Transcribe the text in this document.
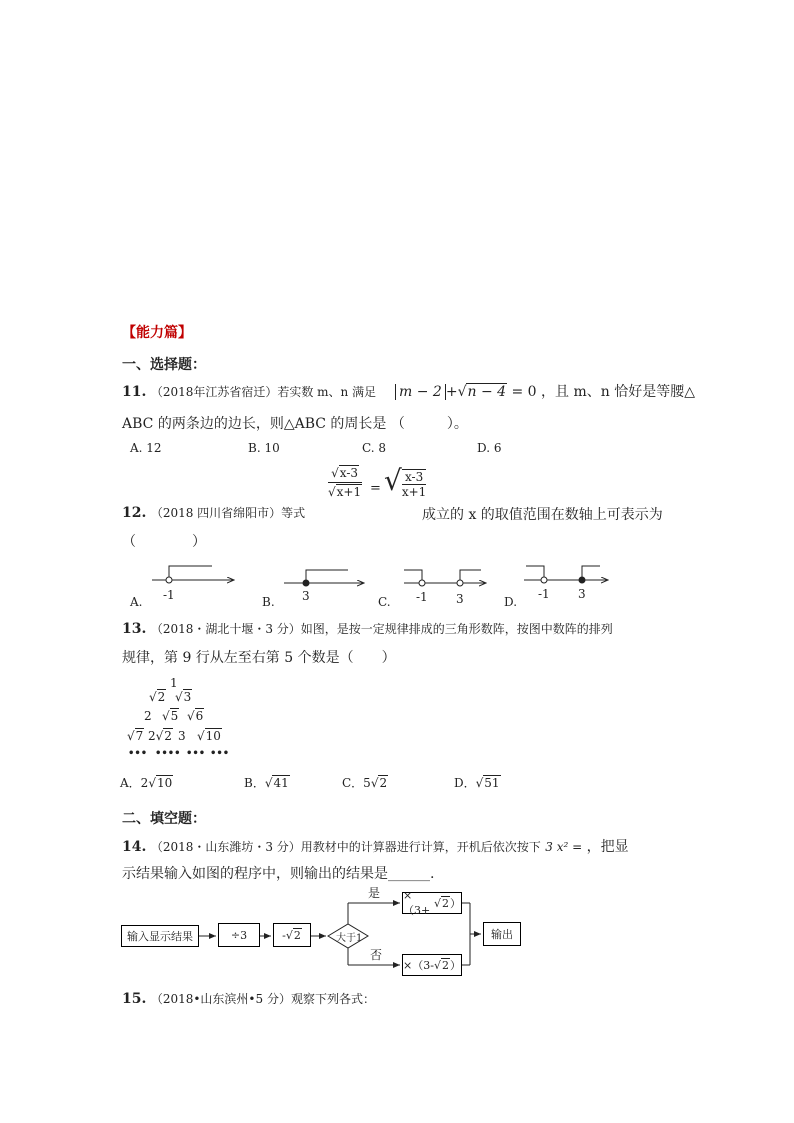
【能力篇】
一、选择题：
11. （2018年江苏省宿迁）若实数 m、n 满足 m − 2 +√n − 4 = 0 ，且 m、n 恰好是等腰△
ABC 的两条边的边长，则△ABC 的周长是 （　　　）。
A. 12	B. 10	C. 8	D. 6
12. （2018 四川省绵阳市）等式
√x-3
√x+1 = √ $\frac{x-3}{x+1}$
成立的 x 的取值范围在数轴上可表示为
（　　　　）
A. -1	B. 3	C. -1 3	D.
-1 3
13. （2018・湖北十堰・3 分）如图，是按一定规律排成的三角形数阵，按图中数阵的排列
规律，第 9 行从左至右第 5 个数是（　　）
1
√2 √3
2 √5 √6
√7 2√2 3 √10
••• •••• ••• •••
A．2√10	B．√41	C．5√2	D．√51
二、填空题：
14. （2018・山东潍坊・3 分）用教材中的计算器进行计算，开机后依次按下 3 x² = ，把显
示结果输入如图的程序中，则输出的结果是______.
输入显示结果	÷3	- √ 2	大于1
是
否
×（3+
√ 2 ）
×（3- √ 2 ）
输出
15. （2018•山东滨州•5 分）观察下列各式：
